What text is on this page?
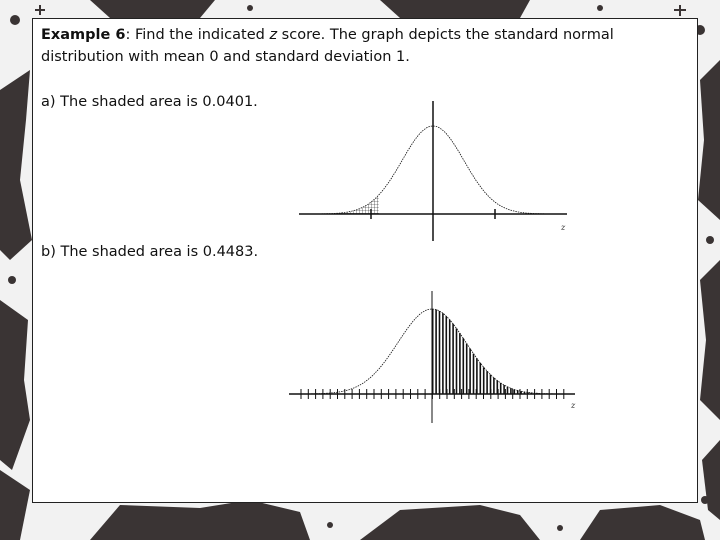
Example 6: Find the indicated z score. The graph depicts the standard normal distribution with mean 0 and standard deviation 1.
a) The shaded area is 0.0401.
b) The shaded area is 0.4483.
z
z
